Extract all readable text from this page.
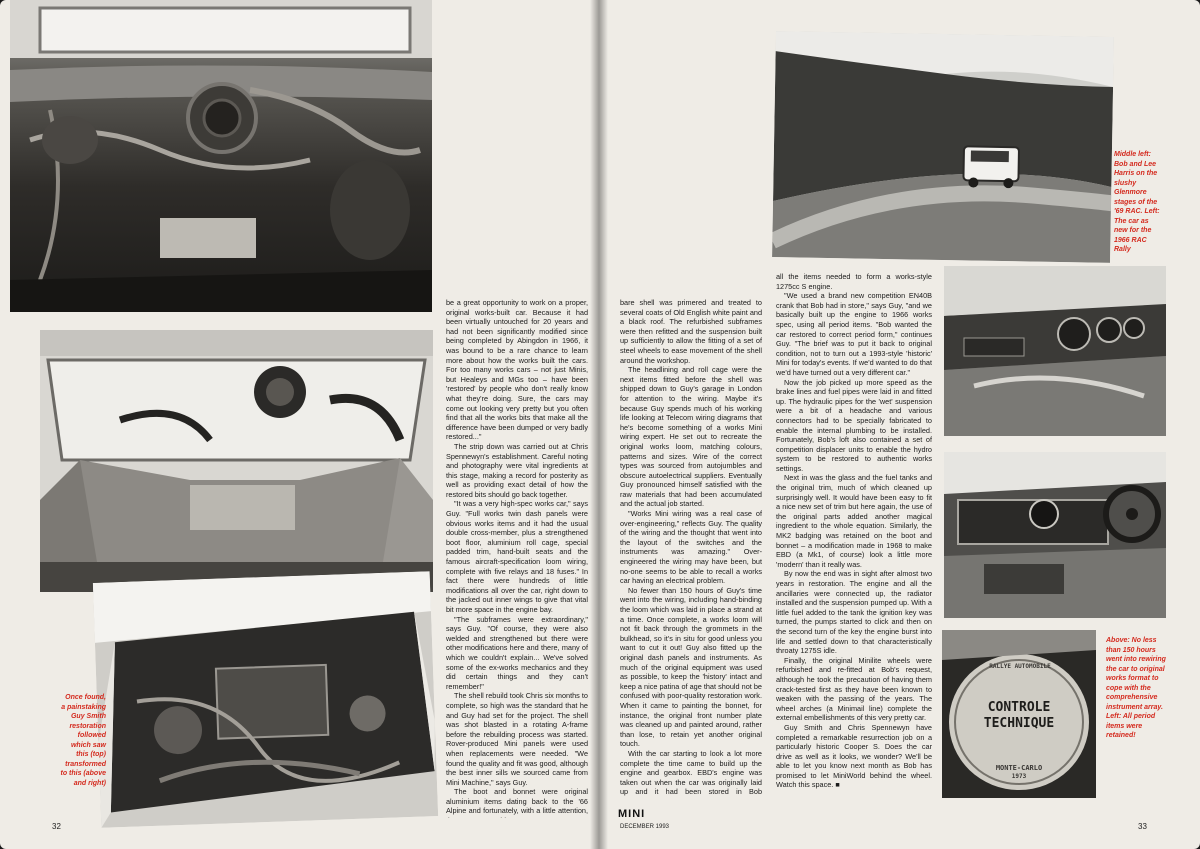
Once found, a painstaking Guy Smith restoration followed which saw this (top) transformed to this (above and right)

be a great opportunity to work on a proper, original works-built car. Because it had been virtually untouched for 20 years and had not been significantly modified since being completed by Abingdon in 1966, it was bound to be a rare chance to learn more about how the works built the cars. For too many works cars – not just Minis, but Healeys and MGs too – have been 'restored' by people who don't really know what they're doing. Sure, the cars may come out looking very pretty but you often find that all the works bits that make all the difference have been dumped or very badly restored..."

The strip down was carried out at Chris Spennewyn's establishment. Careful noting and photography were vital ingredients at this stage, making a record for posterity as well as providing exact detail of how the restored bits should go back together.

"It was a very high-spec works car," says Guy. "Full works twin dash panels were obvious works items and it had the usual double cross-member, plus a strengthened boot floor, aluminium roll cage, special padded trim, hand-built seats and the famous aircraft-specification loom wiring, complete with five relays and 18 fuses." In fact there were hundreds of little modifications all over the car, right down to the jacked out inner wings to give that vital bit more space in the engine bay.

"The subframes were extraordinary," says Guy. "Of course, they were also welded and strengthened but there were other modifications here and there, many of which we couldn't explain... We've solved some of the ex-works mechanics and they did certain things and they can't remember!"

The shell rebuild took Chris six months to complete, so high was the standard that he and Guy had set for the project. The shell was shot blasted in a rotating A-frame before the rebuilding process was started. Rover-produced Mini panels were used when replacements were needed. "We found the quality and fit was good, although the best inner sills we sourced came from Mini Machine," says Guy.

The boot and bonnet were original aluminium items dating back to the '66 Alpine and fortunately, with a little attention,

32

bare shell was primered and treated to several coats of Old English white paint and a black roof. The refurbished subframes were then refitted and the suspension built up sufficiently to allow the fitting of a set of steel wheels to ease movement of the shell around the workshop.

The headlining and roll cage were the next items fitted before the shell was shipped down to Guy's garage in London for attention to the wiring. Maybe it's because Guy spends much of his working life looking at Telecom wiring diagrams that he's become something of a works Mini wiring expert. He set out to recreate the original works loom, matching colours, patterns and sizes. Wire of the correct types was sourced from autojumbles and obscure autoelectrical suppliers. Eventually Guy pronounced himself satisfied with the raw materials that had been accumulated and the actual job started.

"Works Mini wiring was a real case of over-engineering," reflects Guy. The quality of the wiring and the thought that went into the layout of the switches and the instruments was amazing." Over-engineered the wiring may have been, but no-one seems to be able to recall a works car having an electrical problem.

No fewer than 150 hours of Guy's time went into the wiring, including hand-binding the loom which was laid in place a strand at a time. Once complete, a works loom will not fit back through the grommets in the bulkhead, so it's in situ for good unless you want to cut it out! Guy also fitted up the original dash panels and instruments. As much of the original equipment was used as possible, to keep the 'history' intact and keep a nice patina of age that should not be confused with poor-quality restoration work. When it came to painting the bonnet, for instance, the original front number plate was cleaned up and painted around, rather than lose, to retain yet another original touch.

With the car starting to look a lot more complete the time came to build up the engine and gearbox. EBD's engine was taken out when the car was originally laid up and it had been stored in Bob

all the items needed to form a works-style 1275cc S engine.

"We used a brand new competition EN40B crank that Bob had in store," says Guy, "and we basically built up the engine to 1966 works spec, using all period items. "Bob wanted the car restored to correct period form," continues Guy. "The brief was to put it back to original condition, not to turn out a 1993-style 'historic' Mini for today's events. If we'd wanted to do that we'd have turned out a very different car."

Now the job picked up more speed as the brake lines and fuel pipes were laid in and fitted up. The hydraulic pipes for the 'wet' suspension were a bit of a headache and various connectors had to be specially fabricated to enable the internal plumbing to be installed. Fortunately, Bob's loft also contained a set of competition displacer units to enable the hydro system to be restored to authentic works settings.

Next in was the glass and the fuel tanks and the original trim, much of which cleaned up surprisingly well. It would have been easy to fit a nice new set of trim but here again, the use of the original parts added another magical ingredient to the whole equation. Similarly, the MK2 badging was retained on the boot and bonnet – a modification made in 1968 to make EBD (a Mk1, of course) look a little more 'modern' than it really was.

By now the end was in sight after almost two years in restoration. The engine and all the ancillaries were connected up, the radiator installed and the suspension pumped up. With a little fuel added to the tank the ignition key was turned, the pumps started to click and then on the second turn of the key the engine burst into life and settled down to that characteristically throaty 1275S idle.

Finally, the original Minilite wheels were refurbished and re-fitted at Bob's request, although he took the precaution of having them crack-tested first as they have been known to weaken with the passing of the years. The wheel arches (a Minimail line) complete the external embellishments of this very pretty car.

Guy Smith and Chris Spennewyn have completed a remarkable resurrection job on a particularly historic Cooper S. Does the car drive as well as it looks, we wonder? We'll be able to let you know next month as Bob has promised to let MiniWorld behind the wheel. Watch this space. ■

Middle left: Bob and Lee Harris on the slushy Glenmore stages of the '69 RAC. Left: The car as new for the 1966 RAC Rally
RALLYE AUTOMOBILE
CONTROLE
TECHNIQUE
MONTE-CARLO
1973
Above: No less than 150 hours went into rewiring the car to original works format to cope with the comprehensive instrument array. Left: All period items were retained!
MINI
DECEMBER 1993	33
